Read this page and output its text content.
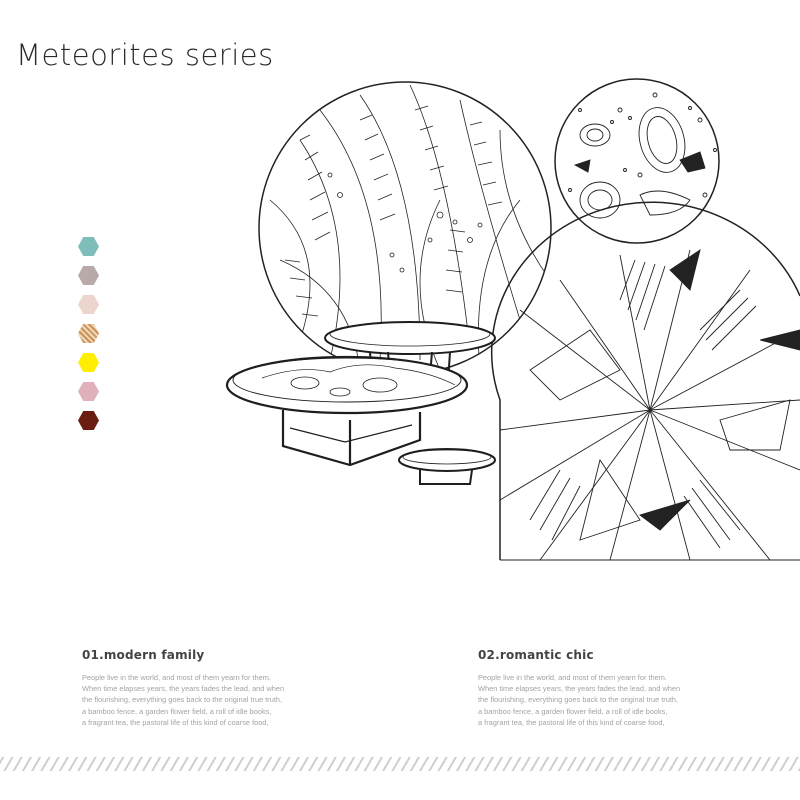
Meteorites series
01.modern family

People live in the world, and most of them yearn for them.

When time elapses years, the years fades the lead, and when

the flourishing, everything goes back to the original true truth,

a bamboo fence, a garden flower field, a roll of idle books,

a fragrant tea, the pastoral life of this kind of coarse food,

02.romantic chic

People live in the world, and most of them yearn for them.

When time elapses years, the years fades the lead, and when

the flourishing, everything goes back to the original true truth,

a bamboo fence, a garden flower field, a roll of idle books,

a fragrant tea, the pastoral life of this kind of coarse food,
